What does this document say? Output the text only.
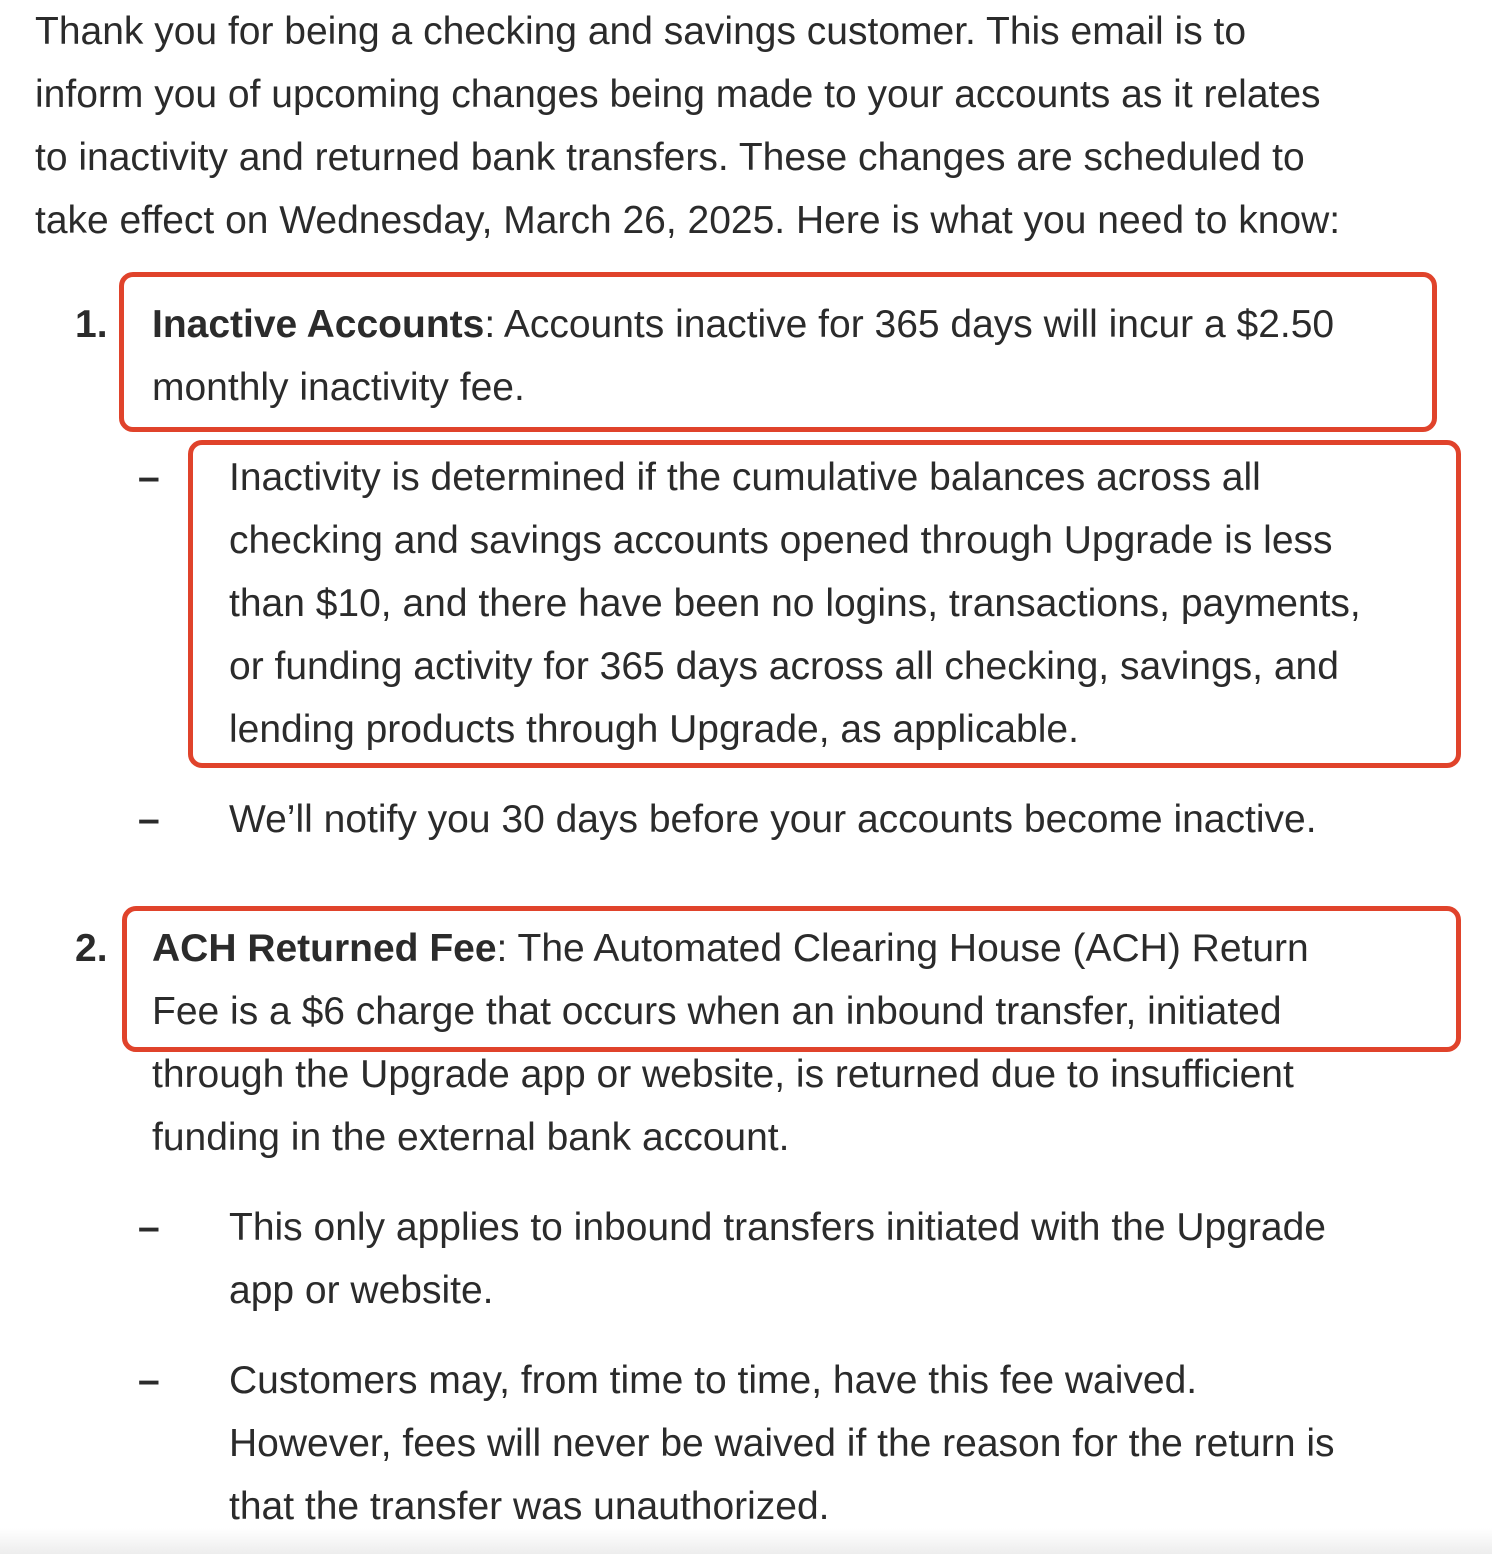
Thank you for being a checking and savings customer. This email is to
inform you of upcoming changes being made to your accounts as it relates
to inactivity and returned bank transfers. These changes are scheduled to
take effect on Wednesday, March 26, 2025. Here is what you need to know:

1. Inactive Accounts: Accounts inactive for 365 days will incur a $2.50
monthly inactivity fee.

– Inactivity is determined if the cumulative balances across all
checking and savings accounts opened through Upgrade is less
than $10, and there have been no logins, transactions, payments,
or funding activity for 365 days across all checking, savings, and
lending products through Upgrade, as applicable.

– We’ll notify you 30 days before your accounts become inactive.

2. ACH Returned Fee: The Automated Clearing House (ACH) Return
Fee is a $6 charge that occurs when an inbound transfer, initiated
through the Upgrade app or website, is returned due to insufficient
funding in the external bank account.

– This only applies to inbound transfers initiated with the Upgrade
app or website.

– Customers may, from time to time, have this fee waived.
However, fees will never be waived if the reason for the return is
that the transfer was unauthorized.
